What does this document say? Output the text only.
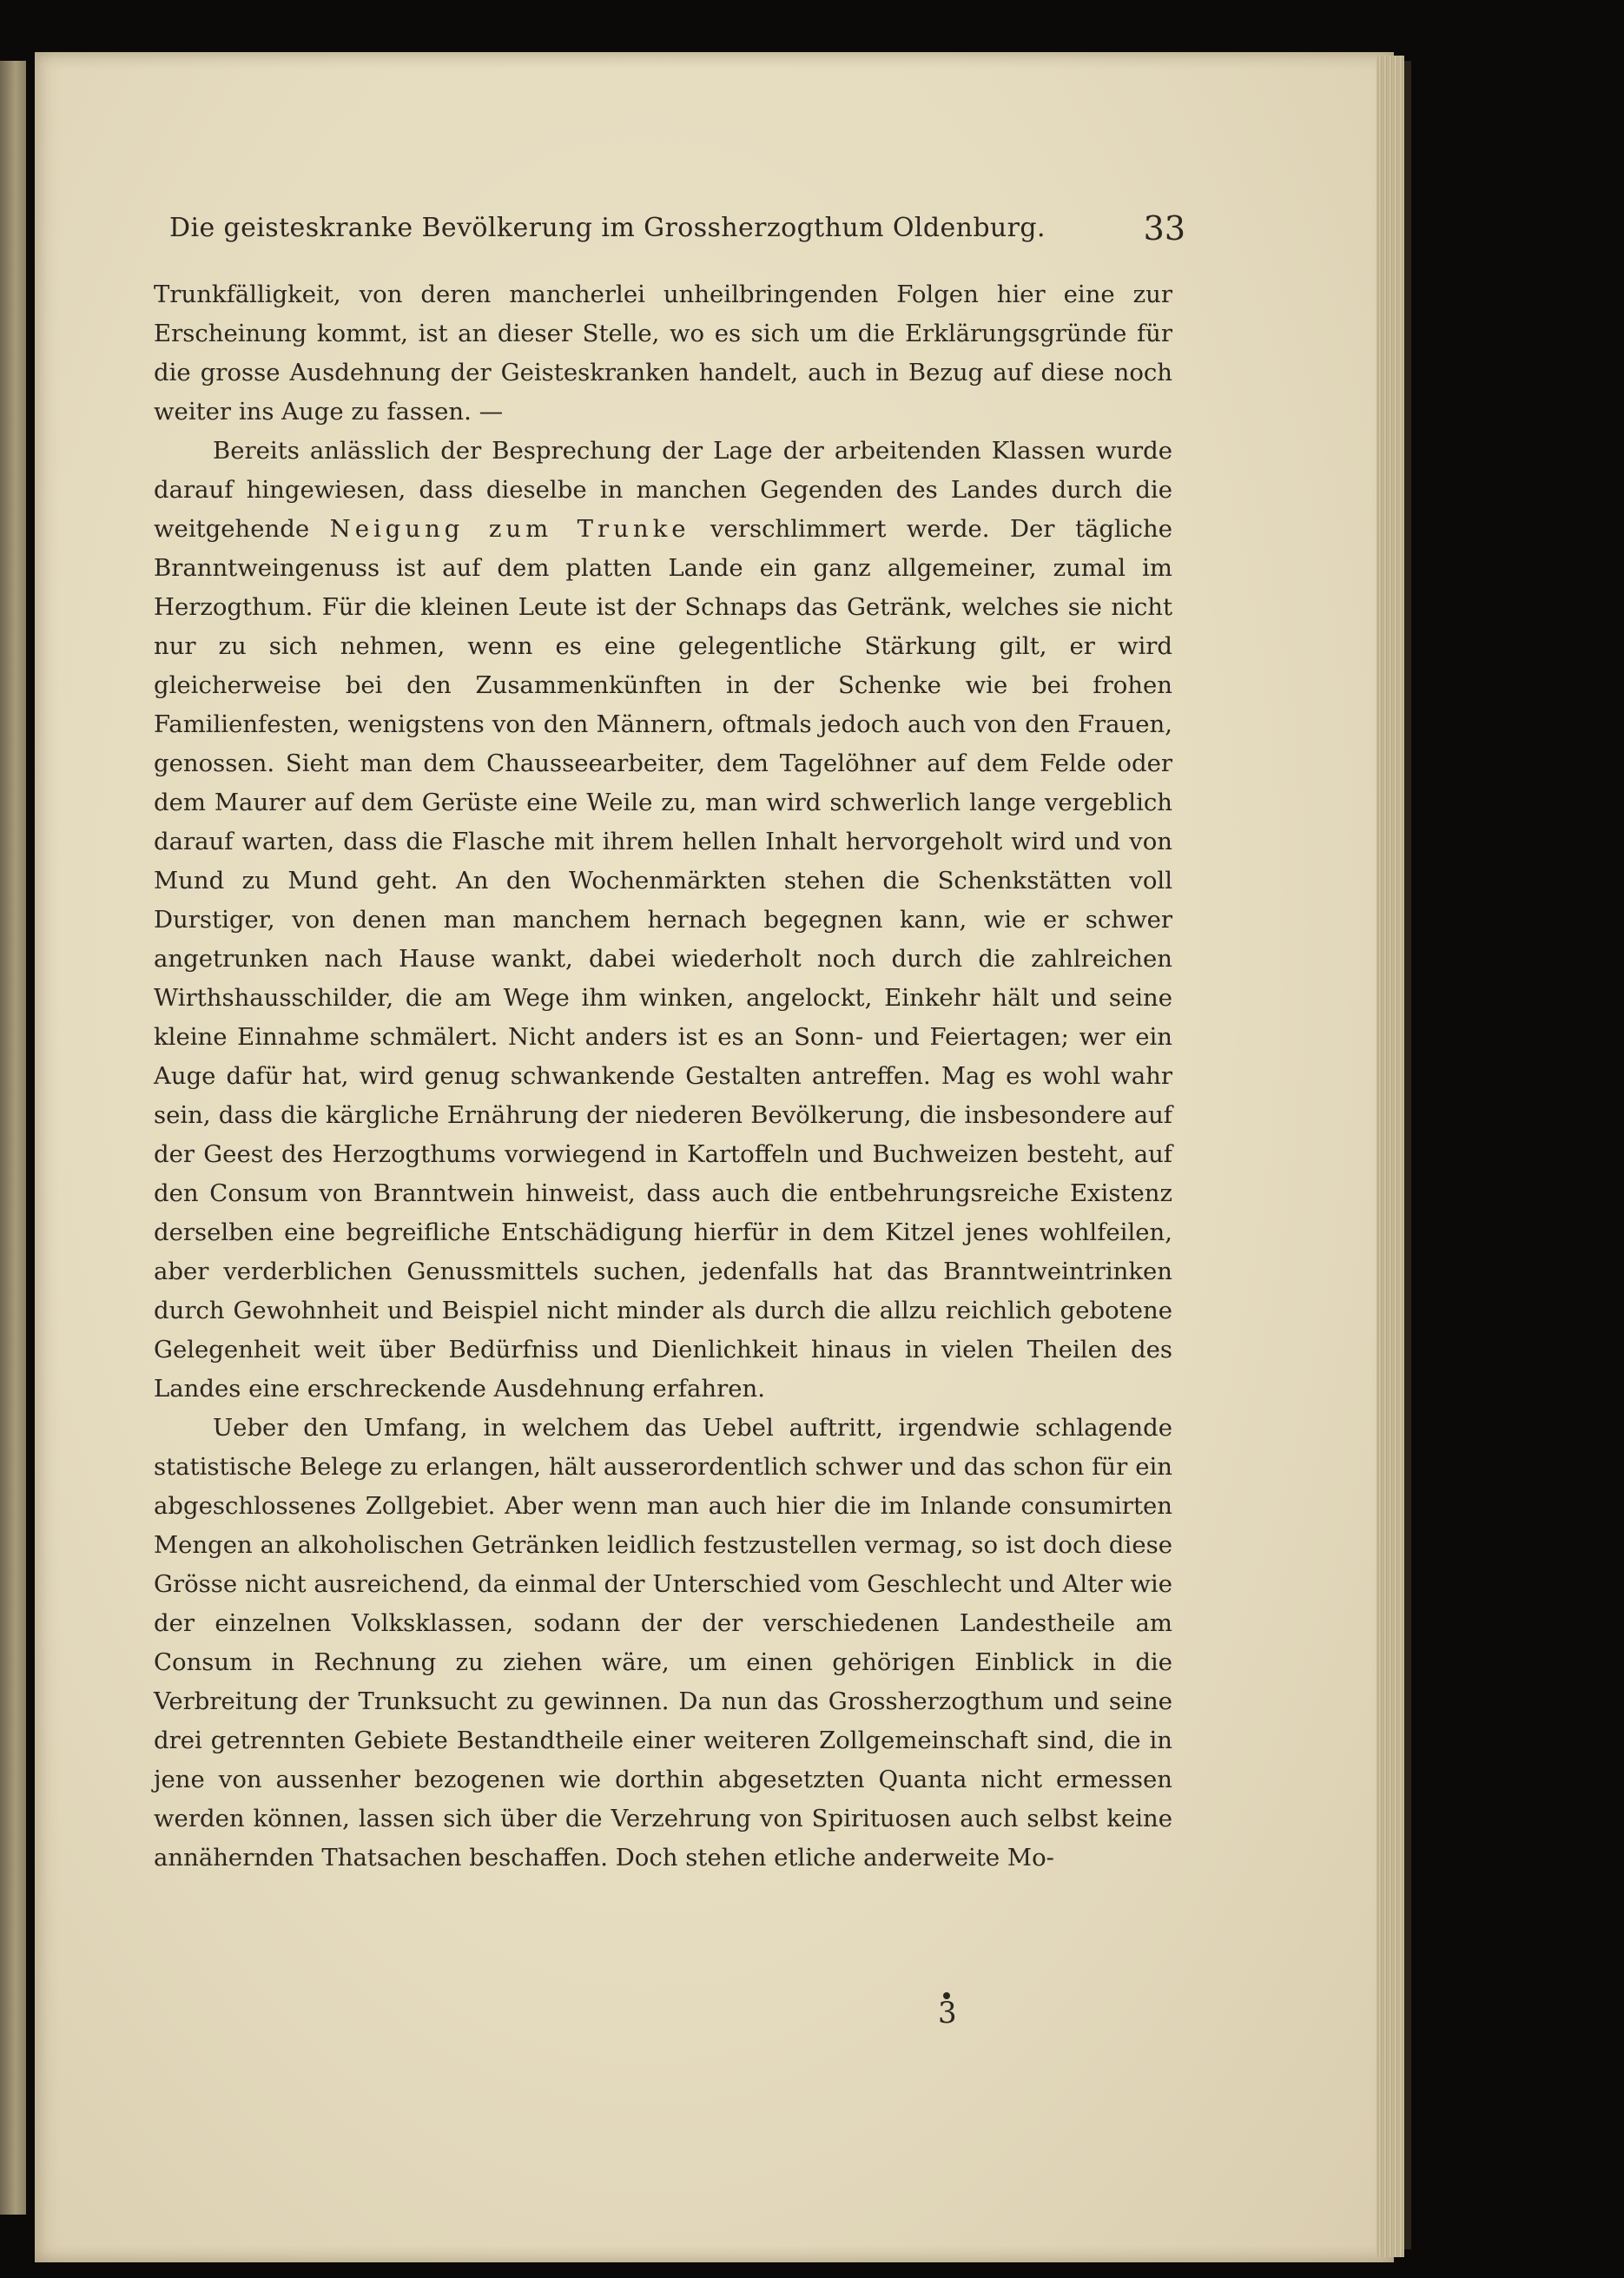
Die geisteskranke Bevölkerung im Grossherzogthum Oldenburg.	33

Trunkfälligkeit, von deren mancherlei unheilbringenden Folgen hier eine zur Erscheinung kommt, ist an dieser Stelle, wo es sich um die Erklärungsgründe für die grosse Ausdehnung der Geisteskranken handelt, auch in Bezug auf diese noch weiter ins Auge zu fassen. —

Bereits anlässlich der Besprechung der Lage der arbeitenden Klassen wurde darauf hingewiesen, dass dieselbe in manchen Gegenden des Landes durch die weitgehende Neigung zum Trunke verschlimmert werde. Der tägliche Branntweingenuss ist auf dem platten Lande ein ganz allgemeiner, zumal im Herzogthum. Für die kleinen Leute ist der Schnaps das Getränk, welches sie nicht nur zu sich nehmen, wenn es eine gelegentliche Stärkung gilt, er wird gleicherweise bei den Zusammenkünften in der Schenke wie bei frohen Familienfesten, wenigstens von den Männern, oftmals jedoch auch von den Frauen, genossen. Sieht man dem Chausseearbeiter, dem Tagelöhner auf dem Felde oder dem Maurer auf dem Gerüste eine Weile zu, man wird schwerlich lange vergeblich darauf warten, dass die Flasche mit ihrem hellen Inhalt hervorgeholt wird und von Mund zu Mund geht. An den Wochenmärkten stehen die Schenkstätten voll Durstiger, von denen man manchem hernach begegnen kann, wie er schwer angetrunken nach Hause wankt, dabei wiederholt noch durch die zahlreichen Wirthshausschilder, die am Wege ihm winken, angelockt, Einkehr hält und seine kleine Einnahme schmälert. Nicht anders ist es an Sonn- und Feiertagen; wer ein Auge dafür hat, wird genug schwankende Gestalten antreffen. Mag es wohl wahr sein, dass die kärgliche Ernährung der niederen Bevölkerung, die insbesondere auf der Geest des Herzogthums vorwiegend in Kartoffeln und Buchweizen besteht, auf den Consum von Branntwein hinweist, dass auch die entbehrungsreiche Existenz derselben eine begreifliche Entschädigung hierfür in dem Kitzel jenes wohlfeilen, aber verderblichen Genussmittels suchen, jedenfalls hat das Branntweintrinken durch Gewohnheit und Beispiel nicht minder als durch die allzu reichlich gebotene Gelegenheit weit über Bedürfniss und Dienlichkeit hinaus in vielen Theilen des Landes eine erschreckende Ausdehnung erfahren.

Ueber den Umfang, in welchem das Uebel auftritt, irgendwie schlagende statistische Belege zu erlangen, hält ausserordentlich schwer und das schon für ein abgeschlossenes Zollgebiet. Aber wenn man auch hier die im Inlande consumirten Mengen an alkoholischen Getränken leidlich festzustellen vermag, so ist doch diese Grösse nicht ausreichend, da einmal der Unterschied vom Geschlecht und Alter wie der einzelnen Volksklassen, sodann der der verschiedenen Landestheile am Consum in Rechnung zu ziehen wäre, um einen gehörigen Einblick in die Verbreitung der Trunksucht zu gewinnen. Da nun das Grossherzogthum und seine drei getrennten Gebiete Bestandtheile einer weiteren Zollgemeinschaft sind, die in jene von aussenher bezogenen wie dorthin abgesetzten Quanta nicht ermessen werden können, lassen sich über die Verzehrung von Spirituosen auch selbst keine annähernden Thatsachen beschaffen. Doch stehen etliche anderweite Mo-

3
